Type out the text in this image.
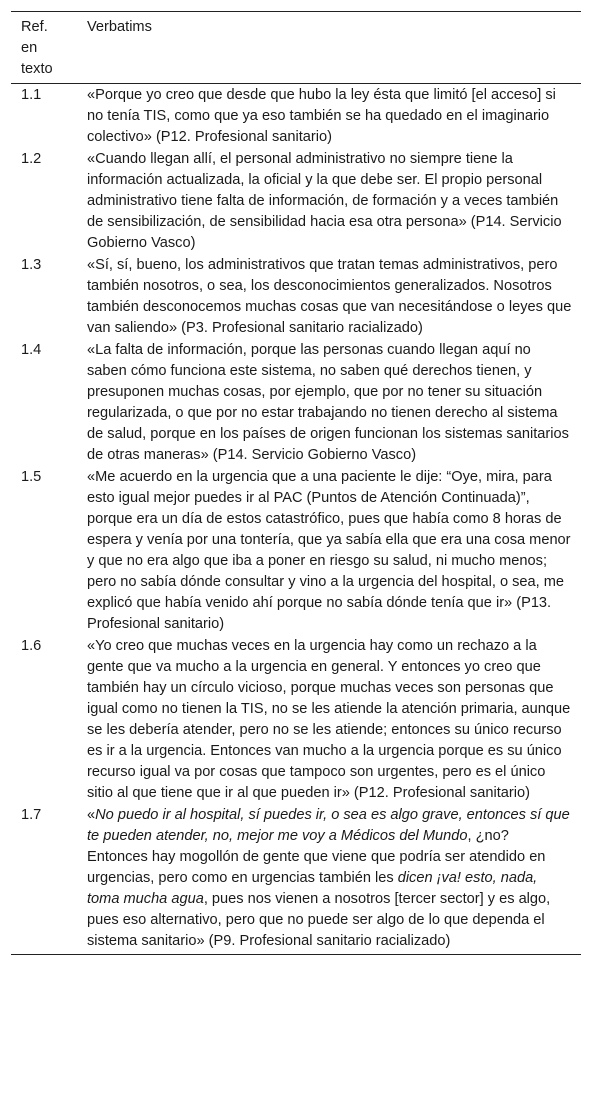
Ref. en texto	Verbatims
1.1	«Porque yo creo que desde que hubo la ley ésta que limitó [el acceso] si no tenía TIS, como que ya eso también se ha quedado en el imaginario colectivo» (P12. Profesional sanitario)
1.2	«Cuando llegan allí, el personal administrativo no siempre tiene la información actualizada, la oficial y la que debe ser. El propio personal administrativo tiene falta de información, de formación y a veces también de sensibilización, de sensibilidad hacia esa otra persona» (P14. Servicio Gobierno Vasco)
1.3	«Sí, sí, bueno, los administrativos que tratan temas administrativos, pero también nosotros, o sea, los desconocimientos generalizados. Nosotros también desconocemos muchas cosas que van necesitándose o leyes que van saliendo» (P3. Profesional sanitario racializado)
1.4	«La falta de información, porque las personas cuando llegan aquí no saben cómo funciona este sistema, no saben qué derechos tienen, y presuponen muchas cosas, por ejemplo, que por no tener su situación regularizada, o que por no estar trabajando no tienen derecho al sistema de salud, porque en los países de origen funcionan los sistemas sanitarios de otras maneras» (P14. Servicio Gobierno Vasco)
1.5	«Me acuerdo en la urgencia que a una paciente le dije: “Oye, mira, para esto igual mejor puedes ir al PAC (Puntos de Atención Continuada)”, porque era un día de estos catastrófico, pues que había como 8 horas de espera y venía por una tontería, que ya sabía ella que era una cosa menor y que no era algo que iba a poner en riesgo su salud, ni mucho menos; pero no sabía dónde consultar y vino a la urgencia del hospital, o sea, me explicó que había venido ahí porque no sabía dónde tenía que ir» (P13. Profesional sanitario)
1.6	«Yo creo que muchas veces en la urgencia hay como un rechazo a la gente que va mucho a la urgencia en general. Y entonces yo creo que también hay un círculo vicioso, porque muchas veces son personas que igual como no tienen la TIS, no se les atiende la atención primaria, aunque se les debería atender, pero no se les atiende; entonces su único recurso es ir a la urgencia. Entonces van mucho a la urgencia porque es su único recurso igual va por cosas que tampoco son urgentes, pero es el único sitio al que tiene que ir al que pueden ir» (P12. Profesional sanitario)
1.7	«No puedo ir al hospital, sí puedes ir, o sea es algo grave, entonces sí que te pueden atender, no, mejor me voy a Médicos del Mundo, ¿no? Entonces hay mogollón de gente que viene que podría ser atendido en urgencias, pero como en urgencias también les dicen ¡va! esto, nada, toma mucha agua, pues nos vienen a nosotros [tercer sector] y es algo, pues eso alternativo, pero que no puede ser algo de lo que dependa el sistema sanitario» (P9. Profesional sanitario racializado)
